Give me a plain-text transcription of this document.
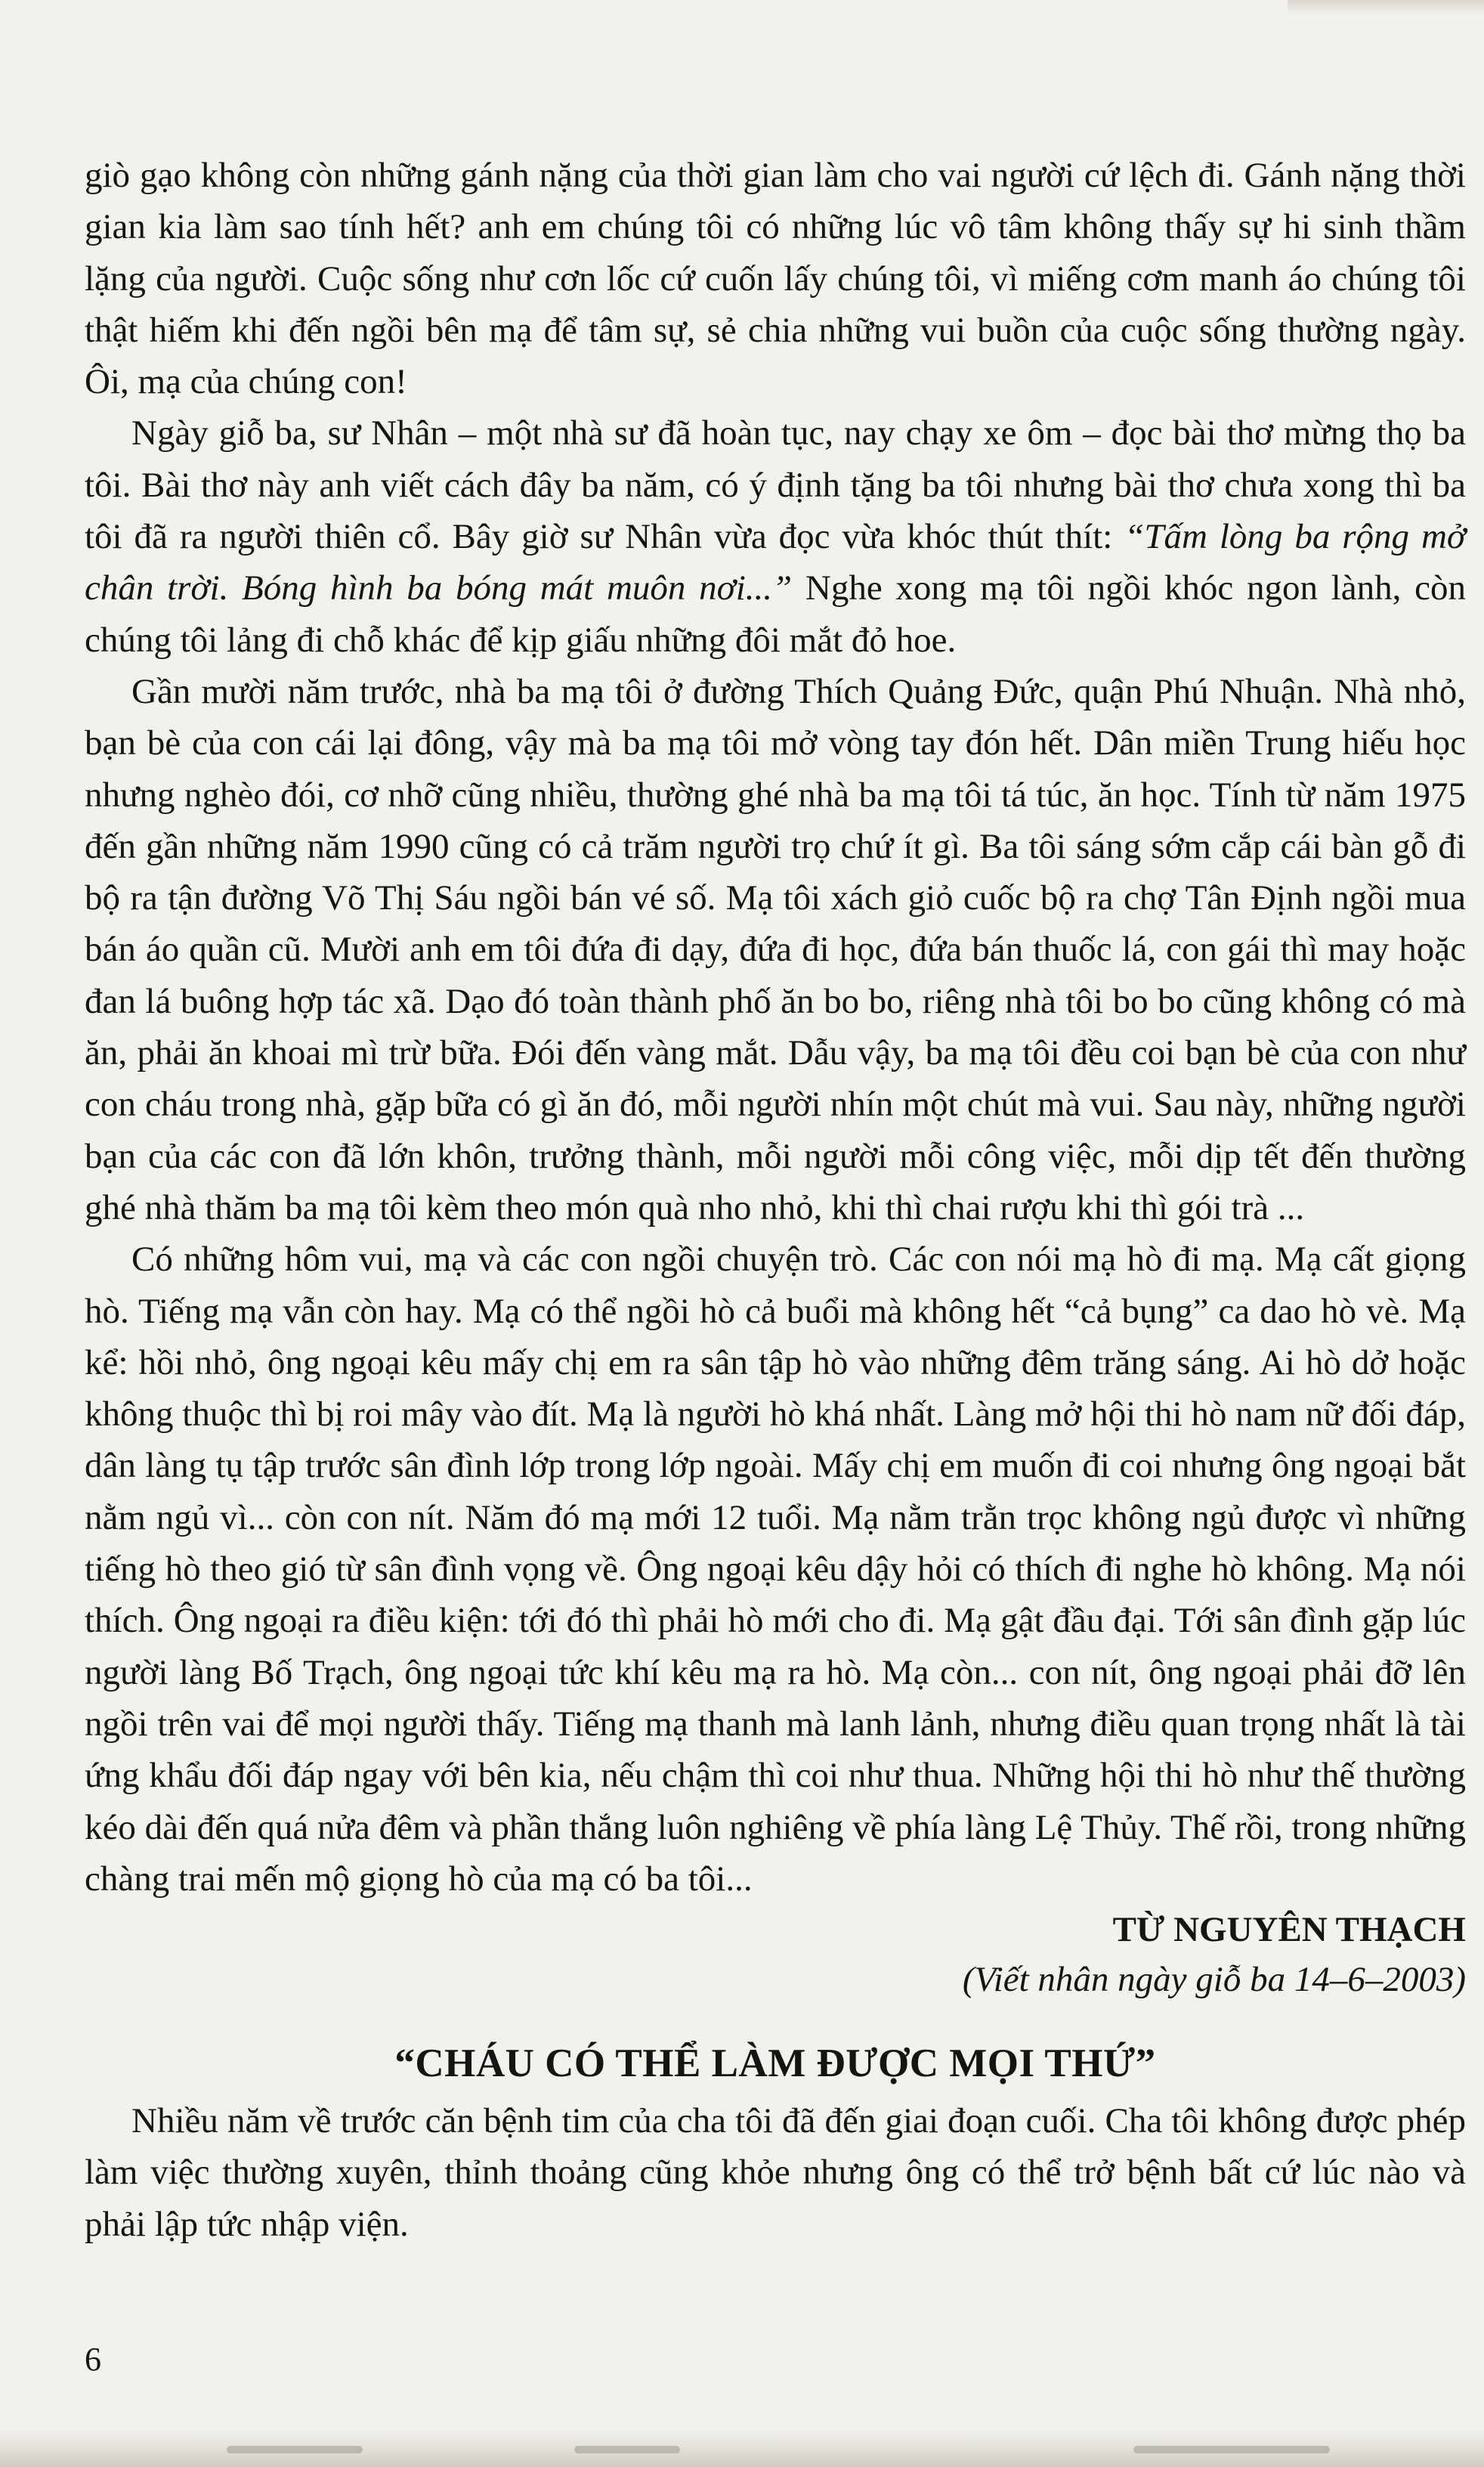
giò gạo không còn những gánh nặng của thời gian làm cho vai người cứ lệch đi. Gánh nặng thời gian kia làm sao tính hết? anh em chúng tôi có những lúc vô tâm không thấy sự hi sinh thầm lặng của người. Cuộc sống như cơn lốc cứ cuốn lấy chúng tôi, vì miếng cơm manh áo chúng tôi thật hiếm khi đến ngồi bên mạ để tâm sự, sẻ chia những vui buồn của cuộc sống thường ngày. Ôi, mạ của chúng con!

Ngày giỗ ba, sư Nhân – một nhà sư đã hoàn tục, nay chạy xe ôm – đọc bài thơ mừng thọ ba tôi. Bài thơ này anh viết cách đây ba năm, có ý định tặng ba tôi nhưng bài thơ chưa xong thì ba tôi đã ra người thiên cổ. Bây giờ sư Nhân vừa đọc vừa khóc thút thít: “Tấm lòng ba rộng mở chân trời. Bóng hình ba bóng mát muôn nơi...” Nghe xong mạ tôi ngồi khóc ngon lành, còn chúng tôi lảng đi chỗ khác để kịp giấu những đôi mắt đỏ hoe.

Gần mười năm trước, nhà ba mạ tôi ở đường Thích Quảng Đức, quận Phú Nhuận. Nhà nhỏ, bạn bè của con cái lại đông, vậy mà ba mạ tôi mở vòng tay đón hết. Dân miền Trung hiếu học nhưng nghèo đói, cơ nhỡ cũng nhiều, thường ghé nhà ba mạ tôi tá túc, ăn học. Tính từ năm 1975 đến gần những năm 1990 cũng có cả trăm người trọ chứ ít gì. Ba tôi sáng sớm cắp cái bàn gỗ đi bộ ra tận đường Võ Thị Sáu ngồi bán vé số. Mạ tôi xách giỏ cuốc bộ ra chợ Tân Định ngồi mua bán áo quần cũ. Mười anh em tôi đứa đi dạy, đứa đi học, đứa bán thuốc lá, con gái thì may hoặc đan lá buông hợp tác xã. Dạo đó toàn thành phố ăn bo bo, riêng nhà tôi bo bo cũng không có mà ăn, phải ăn khoai mì trừ bữa. Đói đến vàng mắt. Dẫu vậy, ba mạ tôi đều coi bạn bè của con như con cháu trong nhà, gặp bữa có gì ăn đó, mỗi người nhín một chút mà vui. Sau này, những người bạn của các con đã lớn khôn, trưởng thành, mỗi người mỗi công việc, mỗi dịp tết đến thường ghé nhà thăm ba mạ tôi kèm theo món quà nho nhỏ, khi thì chai rượu khi thì gói trà ...

Có những hôm vui, mạ và các con ngồi chuyện trò. Các con nói mạ hò đi mạ. Mạ cất giọng hò. Tiếng mạ vẫn còn hay. Mạ có thể ngồi hò cả buổi mà không hết “cả bụng” ca dao hò vè. Mạ kể: hồi nhỏ, ông ngoại kêu mấy chị em ra sân tập hò vào những đêm trăng sáng. Ai hò dở hoặc không thuộc thì bị roi mây vào đít. Mạ là người hò khá nhất. Làng mở hội thi hò nam nữ đối đáp, dân làng tụ tập trước sân đình lớp trong lớp ngoài. Mấy chị em muốn đi coi nhưng ông ngoại bắt nằm ngủ vì... còn con nít. Năm đó mạ mới 12 tuổi. Mạ nằm trằn trọc không ngủ được vì những tiếng hò theo gió từ sân đình vọng về. Ông ngoại kêu dậy hỏi có thích đi nghe hò không. Mạ nói thích. Ông ngoại ra điều kiện: tới đó thì phải hò mới cho đi. Mạ gật đầu đại. Tới sân đình gặp lúc người làng Bố Trạch, ông ngoại tức khí kêu mạ ra hò. Mạ còn... con nít, ông ngoại phải đỡ lên ngồi trên vai để mọi người thấy. Tiếng mạ thanh mà lanh lảnh, nhưng điều quan trọng nhất là tài ứng khẩu đối đáp ngay với bên kia, nếu chậm thì coi như thua. Những hội thi hò như thế thường kéo dài đến quá nửa đêm và phần thắng luôn nghiêng về phía làng Lệ Thủy. Thế rồi, trong những chàng trai mến mộ giọng hò của mạ có ba tôi...

TỪ NGUYÊN THẠCH
(Viết nhân ngày giỗ ba 14–6–2003)
“CHÁU CÓ THỂ LÀM ĐƯỢC MỌI THỨ”

Nhiều năm về trước căn bệnh tim của cha tôi đã đến giai đoạn cuối. Cha tôi không được phép làm việc thường xuyên, thỉnh thoảng cũng khỏe nhưng ông có thể trở bệnh bất cứ lúc nào và phải lập tức nhập viện.

6
